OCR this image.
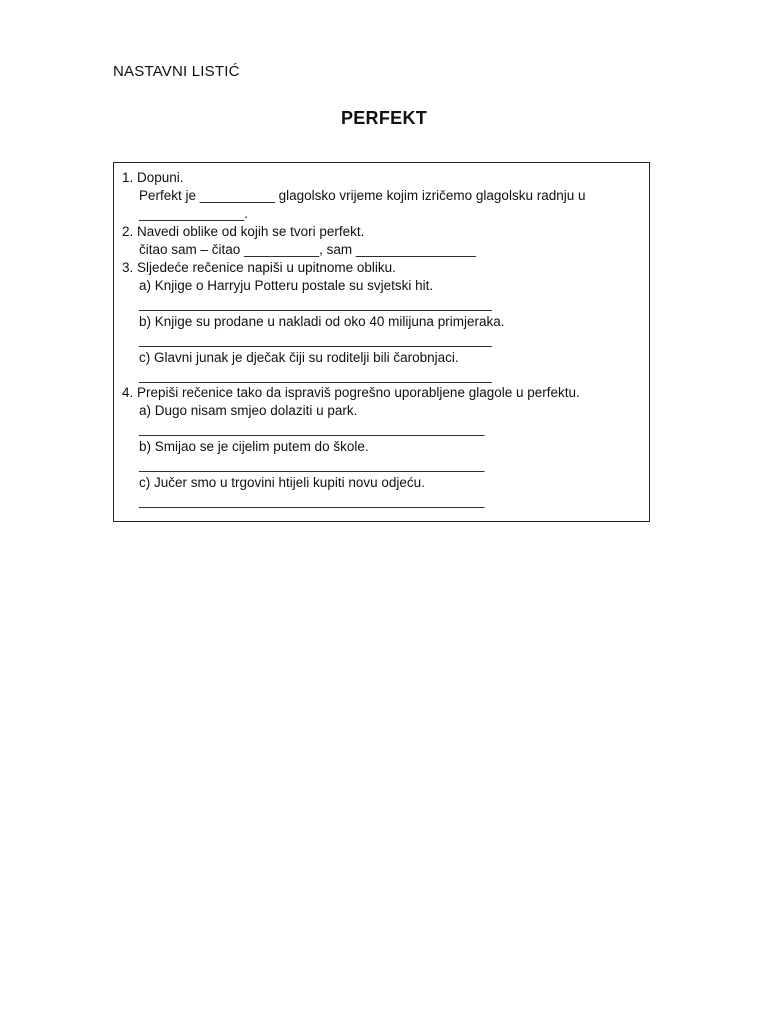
NASTAVNI LISTIĆ
PERFEKT
1. Dopuni.
Perfekt je __________ glagolsko vrijeme kojim izričemo glagolsku radnju u
______________.
2. Navedi oblike od kojih se tvori perfekt.
čitao sam – čitao __________, sam ________________
3. Sljedeće rečenice napiši u upitnome obliku.
a) Knjige o Harryju Potteru postale su svjetski hit.
_______________________________________________
b) Knjige su prodane u nakladi od oko 40 milijuna primjeraka.
_______________________________________________
c) Glavni junak je dječak čiji su roditelji bili čarobnjaci.
_______________________________________________
4. Prepiši rečenice tako da ispraviš pogrešno uporabljene glagole u perfektu.
a) Dugo nisam smjeo dolaziti u park.
______________________________________________
b) Smijao se je cijelim putem do škole.
______________________________________________
c) Jučer smo u trgovini htijeli kupiti novu odjeću.
______________________________________________
